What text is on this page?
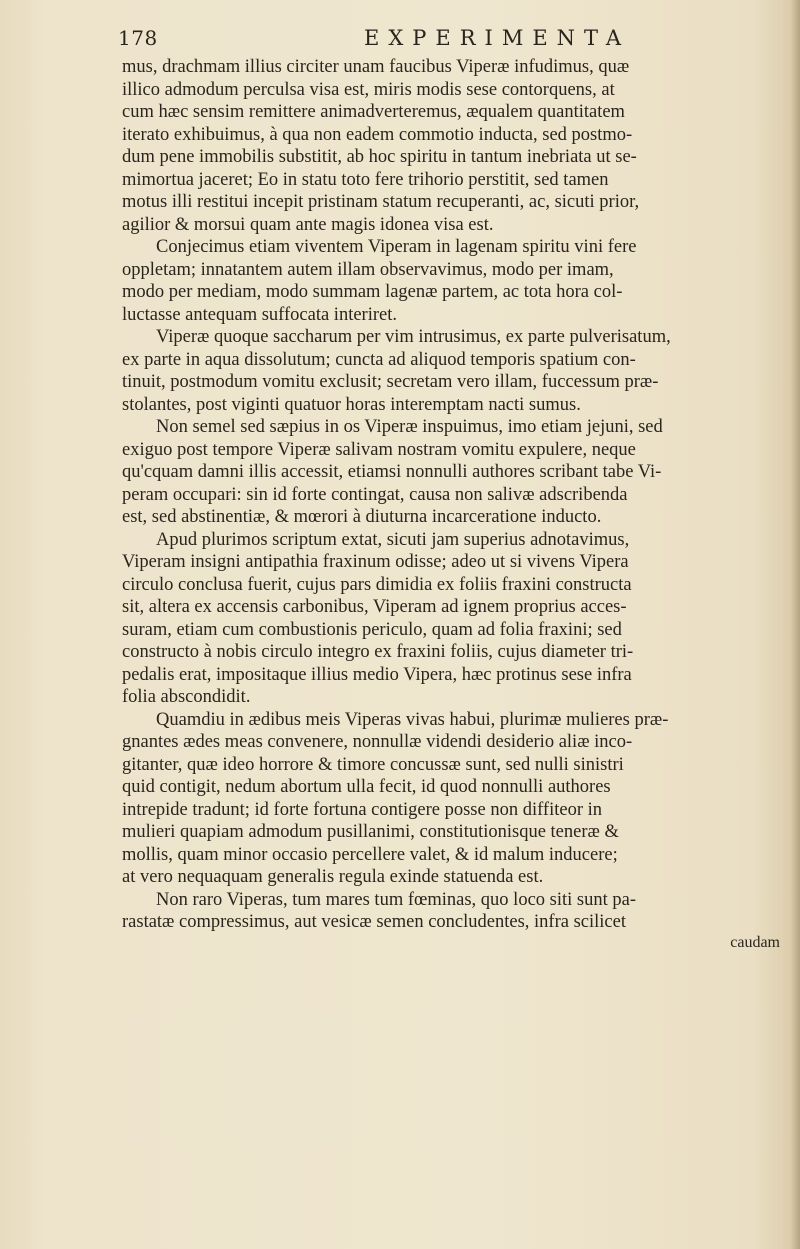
178	EXPERIMENTA
mus, drachmam illius circiter unam faucibus Viperæ infudimus, quæ
illico admodum perculsa visa est, miris modis sese contorquens, at
cum hæc sensim remittere animadverteremus, æqualem quantitatem
iterato exhibuimus, à qua non eadem commotio inducta, sed postmo-
dum pene immobilis substitit, ab hoc spiritu in tantum inebriata ut se-
mimortua jaceret; Eo in statu toto fere trihorio perstitit, sed tamen
motus illi restitui incepit pristinam statum recuperanti, ac, sicuti prior,
agilior & morsui quam ante magis idonea visa est.
Conjecimus etiam viventem Viperam in lagenam spiritu vini fere
oppletam; innatantem autem illam observavimus, modo per imam,
modo per mediam, modo summam lagenæ partem, ac tota hora col-
luctasse antequam suffocata interiret.
Viperæ quoque saccharum per vim intrusimus, ex parte pulverisatum,
ex parte in aqua dissolutum; cuncta ad aliquod temporis spatium con-
tinuit, postmodum vomitu exclusit; secretam vero illam, fuccessum præ-
stolantes, post viginti quatuor horas interemptam nacti sumus.
Non semel sed sæpius in os Viperæ inspuimus, imo etiam jejuni, sed
exiguo post tempore Viperæ salivam nostram vomitu expulere, neque
qu'cquam damni illis accessit, etiamsi nonnulli authores scribant tabe Vi-
peram occupari: sin id forte contingat, causa non salivæ adscribenda
est, sed abstinentiæ, & mœrori à diuturna incarceratione inducto.
Apud plurimos scriptum extat, sicuti jam superius adnotavimus,
Viperam insigni antipathia fraxinum odisse; adeo ut si vivens Vipera
circulo conclusa fuerit, cujus pars dimidia ex foliis fraxini constructa
sit, altera ex accensis carbonibus, Viperam ad ignem proprius acces-
suram, etiam cum combustionis periculo, quam ad folia fraxini; sed
constructo à nobis circulo integro ex fraxini foliis, cujus diameter tri-
pedalis erat, impositaque illius medio Vipera, hæc protinus sese infra
folia abscondidit.
Quamdiu in ædibus meis Viperas vivas habui, plurimæ mulieres præ-
gnantes ædes meas convenere, nonnullæ videndi desiderio aliæ inco-
gitanter, quæ ideo horrore & timore concussæ sunt, sed nulli sinistri
quid contigit, nedum abortum ulla fecit, id quod nonnulli authores
intrepide tradunt; id forte fortuna contigere posse non diffiteor in
mulieri quapiam admodum pusillanimi, constitutionisque teneræ &
mollis, quam minor occasio percellere valet, & id malum inducere;
at vero nequaquam generalis regula exinde statuenda est.
Non raro Viperas, tum mares tum fœminas, quo loco siti sunt pa-
rastatæ compressimus, aut vesicæ semen concludentes, infra scilicet
caudam
